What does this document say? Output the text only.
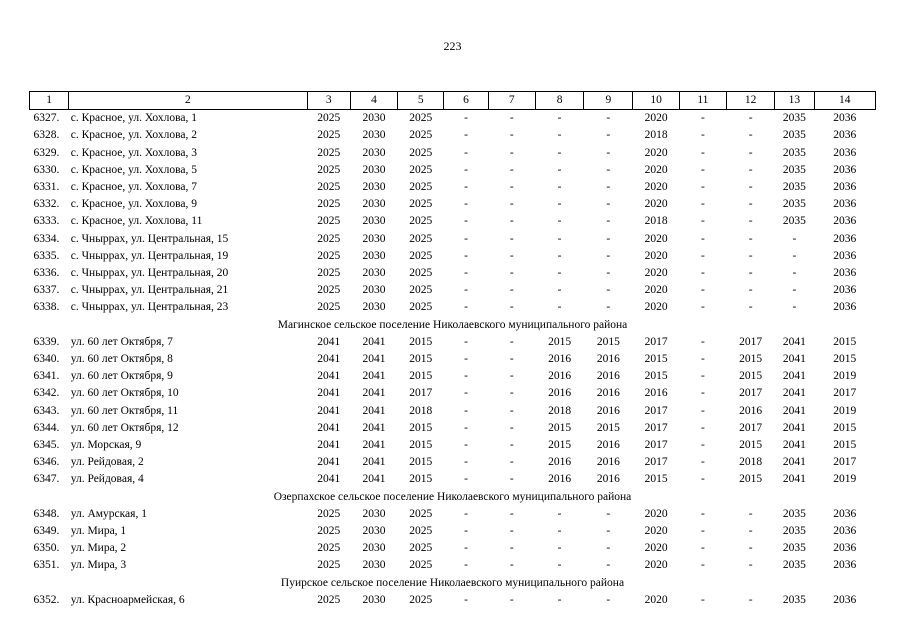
223
1	2	3	4	5	6	7	8	9	10	11	12	13	14
6327.	с. Красное, ул. Хохлова, 1	2025	2030	2025	-	-	-	-	2020	-	-	2035	2036
6328.	с. Красное, ул. Хохлова, 2	2025	2030	2025	-	-	-	-	2018	-	-	2035	2036
6329.	с. Красное, ул. Хохлова, 3	2025	2030	2025	-	-	-	-	2020	-	-	2035	2036
6330.	с. Красное, ул. Хохлова, 5	2025	2030	2025	-	-	-	-	2020	-	-	2035	2036
6331.	с. Красное, ул. Хохлова, 7	2025	2030	2025	-	-	-	-	2020	-	-	2035	2036
6332.	с. Красное, ул. Хохлова, 9	2025	2030	2025	-	-	-	-	2020	-	-	2035	2036
6333.	с. Красное, ул. Хохлова, 11	2025	2030	2025	-	-	-	-	2018	-	-	2035	2036
6334.	с. Чныррах, ул. Центральная, 15	2025	2030	2025	-	-	-	-	2020	-	-	-	2036
6335.	с. Чныррах, ул. Центральная, 19	2025	2030	2025	-	-	-	-	2020	-	-	-	2036
6336.	с. Чныррах, ул. Центральная, 20	2025	2030	2025	-	-	-	-	2020	-	-	-	2036
6337.	с. Чныррах, ул. Центральная, 21	2025	2030	2025	-	-	-	-	2020	-	-	-	2036
6338.	с. Чныррах, ул. Центральная, 23	2025	2030	2025	-	-	-	-	2020	-	-	-	2036
Магинское сельское поселение Николаевского муниципального района													
6339.	ул. 60 лет Октября, 7	2041	2041	2015	-	-	2015	2015	2017	-	2017	2041	2015
6340.	ул. 60 лет Октября, 8	2041	2041	2015	-	-	2016	2016	2015	-	2015	2041	2015
6341.	ул. 60 лет Октября, 9	2041	2041	2015	-	-	2016	2016	2015	-	2015	2041	2019
6342.	ул. 60 лет Октября, 10	2041	2041	2017	-	-	2016	2016	2016	-	2017	2041	2017
6343.	ул. 60 лет Октября, 11	2041	2041	2018	-	-	2018	2016	2017	-	2016	2041	2019
6344.	ул. 60 лет Октября, 12	2041	2041	2015	-	-	2015	2015	2017	-	2017	2041	2015
6345.	ул. Морская, 9	2041	2041	2015	-	-	2015	2016	2017	-	2015	2041	2015
6346.	ул. Рейдовая, 2	2041	2041	2015	-	-	2016	2016	2017	-	2018	2041	2017
6347.	ул. Рейдовая, 4	2041	2041	2015	-	-	2016	2016	2015	-	2015	2041	2019
Озерпахское сельское поселение Николаевского муниципального района													
6348.	ул. Амурская, 1	2025	2030	2025	-	-	-	-	2020	-	-	2035	2036
6349.	ул. Мира, 1	2025	2030	2025	-	-	-	-	2020	-	-	2035	2036
6350.	ул. Мира, 2	2025	2030	2025	-	-	-	-	2020	-	-	2035	2036
6351.	ул. Мира, 3	2025	2030	2025	-	-	-	-	2020	-	-	2035	2036
Пуирское сельское поселение Николаевского муниципального района													
6352.	ул. Красноармейская, 6	2025	2030	2025	-	-	-	-	2020	-	-	2035	2036
